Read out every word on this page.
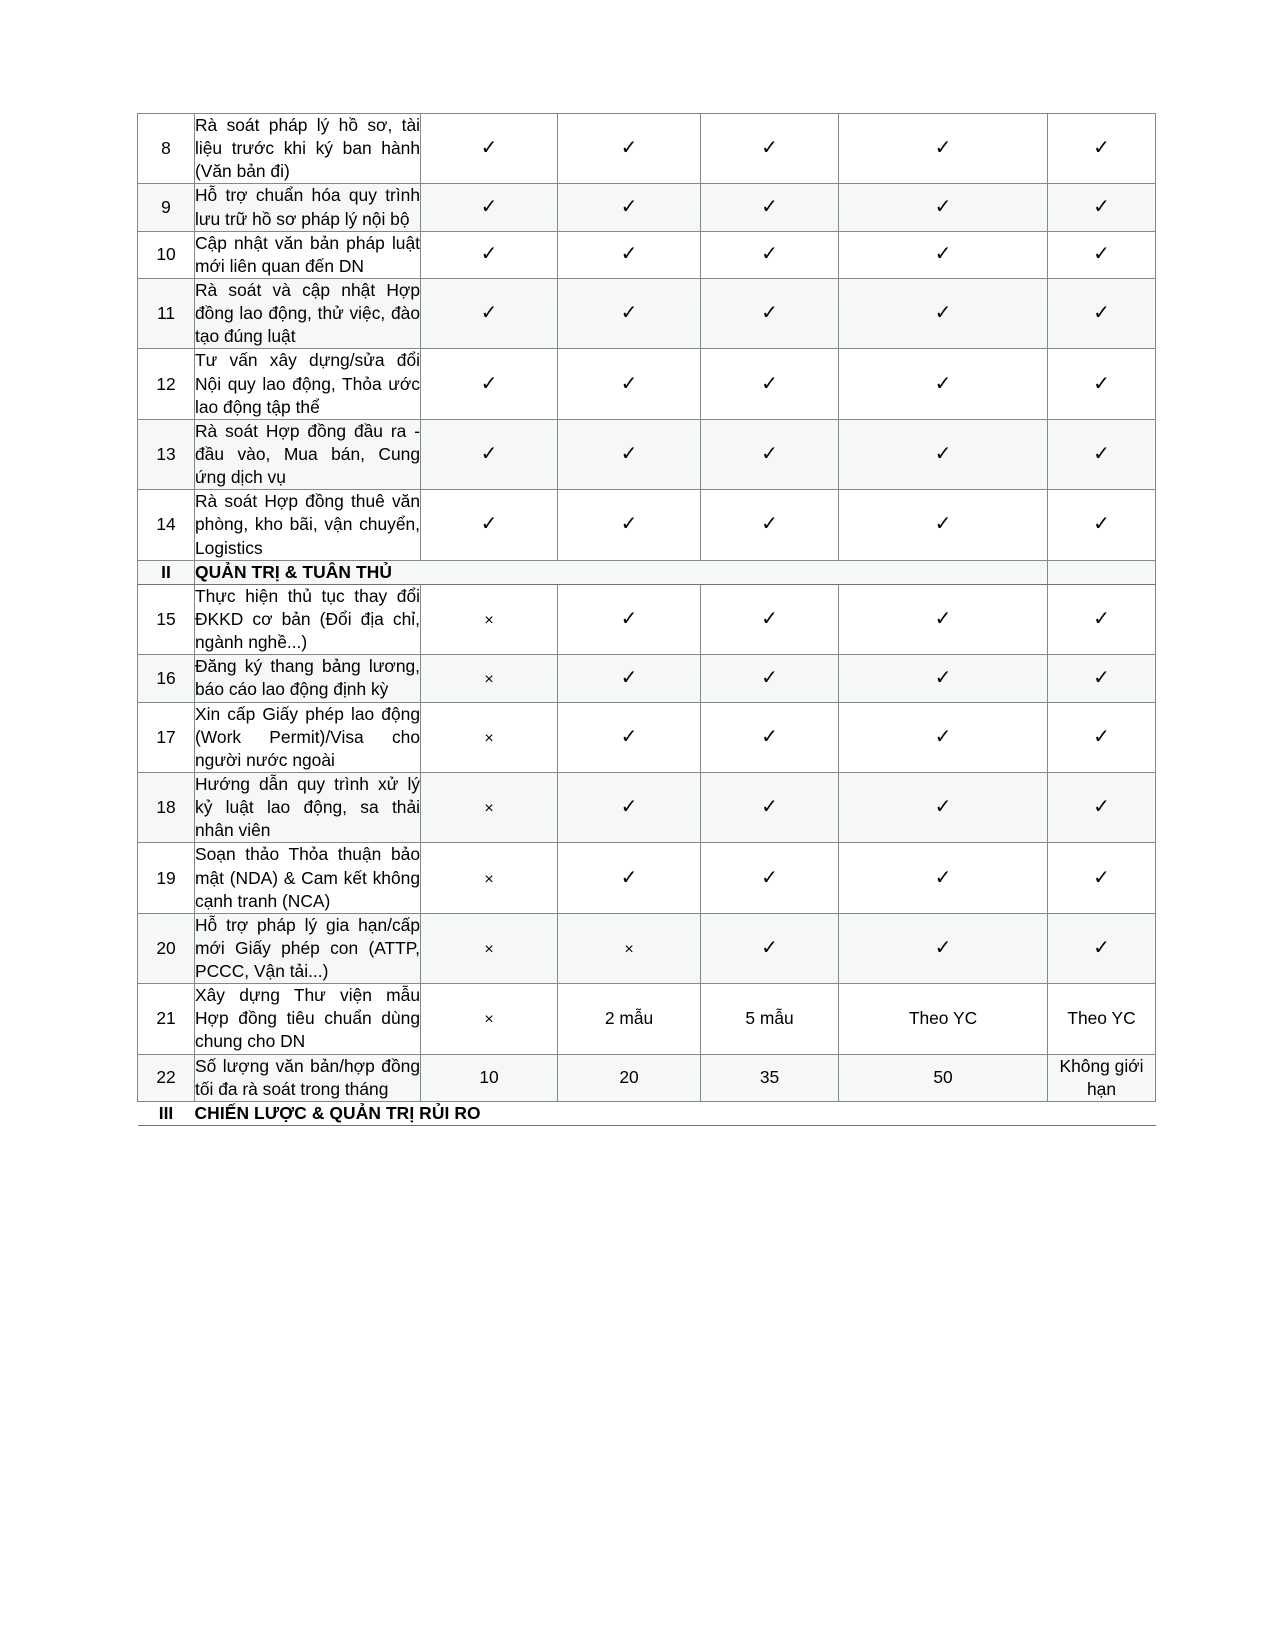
8	Rà soát pháp lý hồ sơ, tài liệu trước khi ký ban hành (Văn bản đi)	✓	✓	✓	✓	✓
9	Hỗ trợ chuẩn hóa quy trình lưu trữ hồ sơ pháp lý nội bộ	✓	✓	✓	✓	✓
10	Cập nhật văn bản pháp luật mới liên quan đến DN	✓	✓	✓	✓	✓
11	Rà soát và cập nhật Hợp đồng lao động, thử việc, đào tạo đúng luật	✓	✓	✓	✓	✓
12	Tư vấn xây dựng/sửa đổi Nội quy lao động, Thỏa ước lao động tập thể	✓	✓	✓	✓	✓
13	Rà soát Hợp đồng đầu ra - đầu vào, Mua bán, Cung ứng dịch vụ	✓	✓	✓	✓	✓
14	Rà soát Hợp đồng thuê văn phòng, kho bãi, vận chuyển, Logistics	✓	✓	✓	✓	✓
II	QUẢN TRỊ & TUÂN THỦ					
15	Thực hiện thủ tục thay đổi ĐKKD cơ bản (Đổi địa chỉ, ngành nghề...)	×	✓	✓	✓	✓
16	Đăng ký thang bảng lương, báo cáo lao động định kỳ	×	✓	✓	✓	✓
17	Xin cấp Giấy phép lao động (Work Permit)/Visa cho người nước ngoài	×	✓	✓	✓	✓
18	Hướng dẫn quy trình xử lý kỷ luật lao động, sa thải nhân viên	×	✓	✓	✓	✓
19	Soạn thảo Thỏa thuận bảo mật (NDA) & Cam kết không cạnh tranh (NCA)	×	✓	✓	✓	✓
20	Hỗ trợ pháp lý gia hạn/cấp mới Giấy phép con (ATTP, PCCC, Vận tải...)	×	×	✓	✓	✓
21	Xây dựng Thư viện mẫu Hợp đồng tiêu chuẩn dùng chung cho DN	×	2 mẫu	5 mẫu	Theo YC	Theo YC
22	Số lượng văn bản/hợp đồng tối đa rà soát trong tháng	10	20	35	50	Không giới hạn
III	CHIẾN LƯỢC & QUẢN TRỊ RỦI RO					
